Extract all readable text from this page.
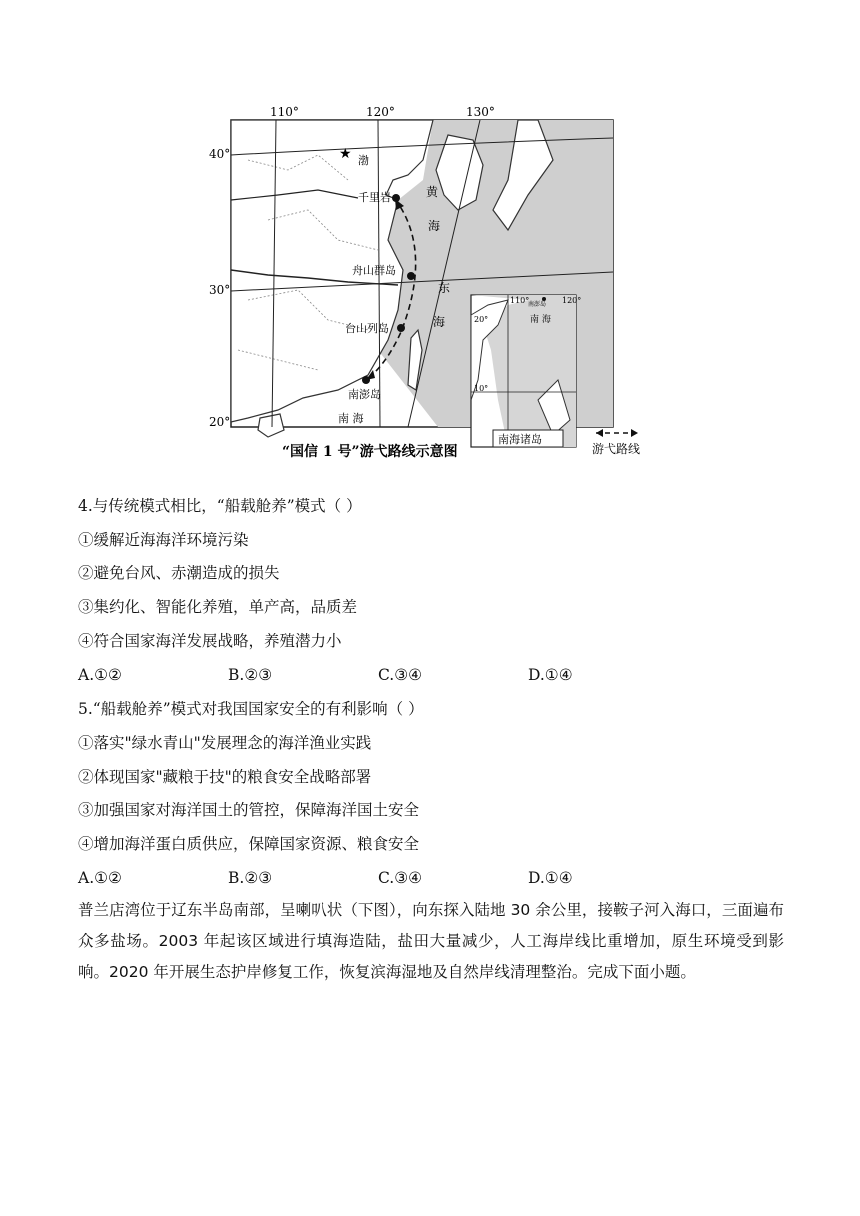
★
110°	120°	130°
40°
30°
20°
渤
黄
海
东
海
南 海
千里岩
舟山群岛
台山列岛
南澎岛
120°
110°
20°
10°
南 海
南澎岛
南海诸岛
游弋路线
“国信 1 号”游弋路线示意图
4.与传统模式相比，“船载舱养”模式（ ）
①缓解近海海洋环境污染
②避免台风、赤潮造成的损失
③集约化、智能化养殖，单产高，品质差
④符合国家海洋发展战略，养殖潜力小
A.①②	B.②③	C.③④	D.①④
5.“船载舱养”模式对我国国家安全的有利影响（ ）
①落实"绿水青山"发展理念的海洋渔业实践
②体现国家"藏粮于技"的粮食安全战略部署
③加强国家对海洋国土的管控，保障海洋国土安全
④增加海洋蛋白质供应，保障国家资源、粮食安全
A.①②	B.②③	C.③④	D.①④
普兰店湾位于辽东半岛南部，呈喇叭状（下图），向东探入陆地 30 余公里，接鞍子河入海口，三面遍布众多盐场。2003 年起该区域进行填海造陆，盐田大量减少，人工海岸线比重增加，原生环境受到影响。2020 年开展生态护岸修复工作，恢复滨海湿地及自然岸线清理整治。完成下面小题。
